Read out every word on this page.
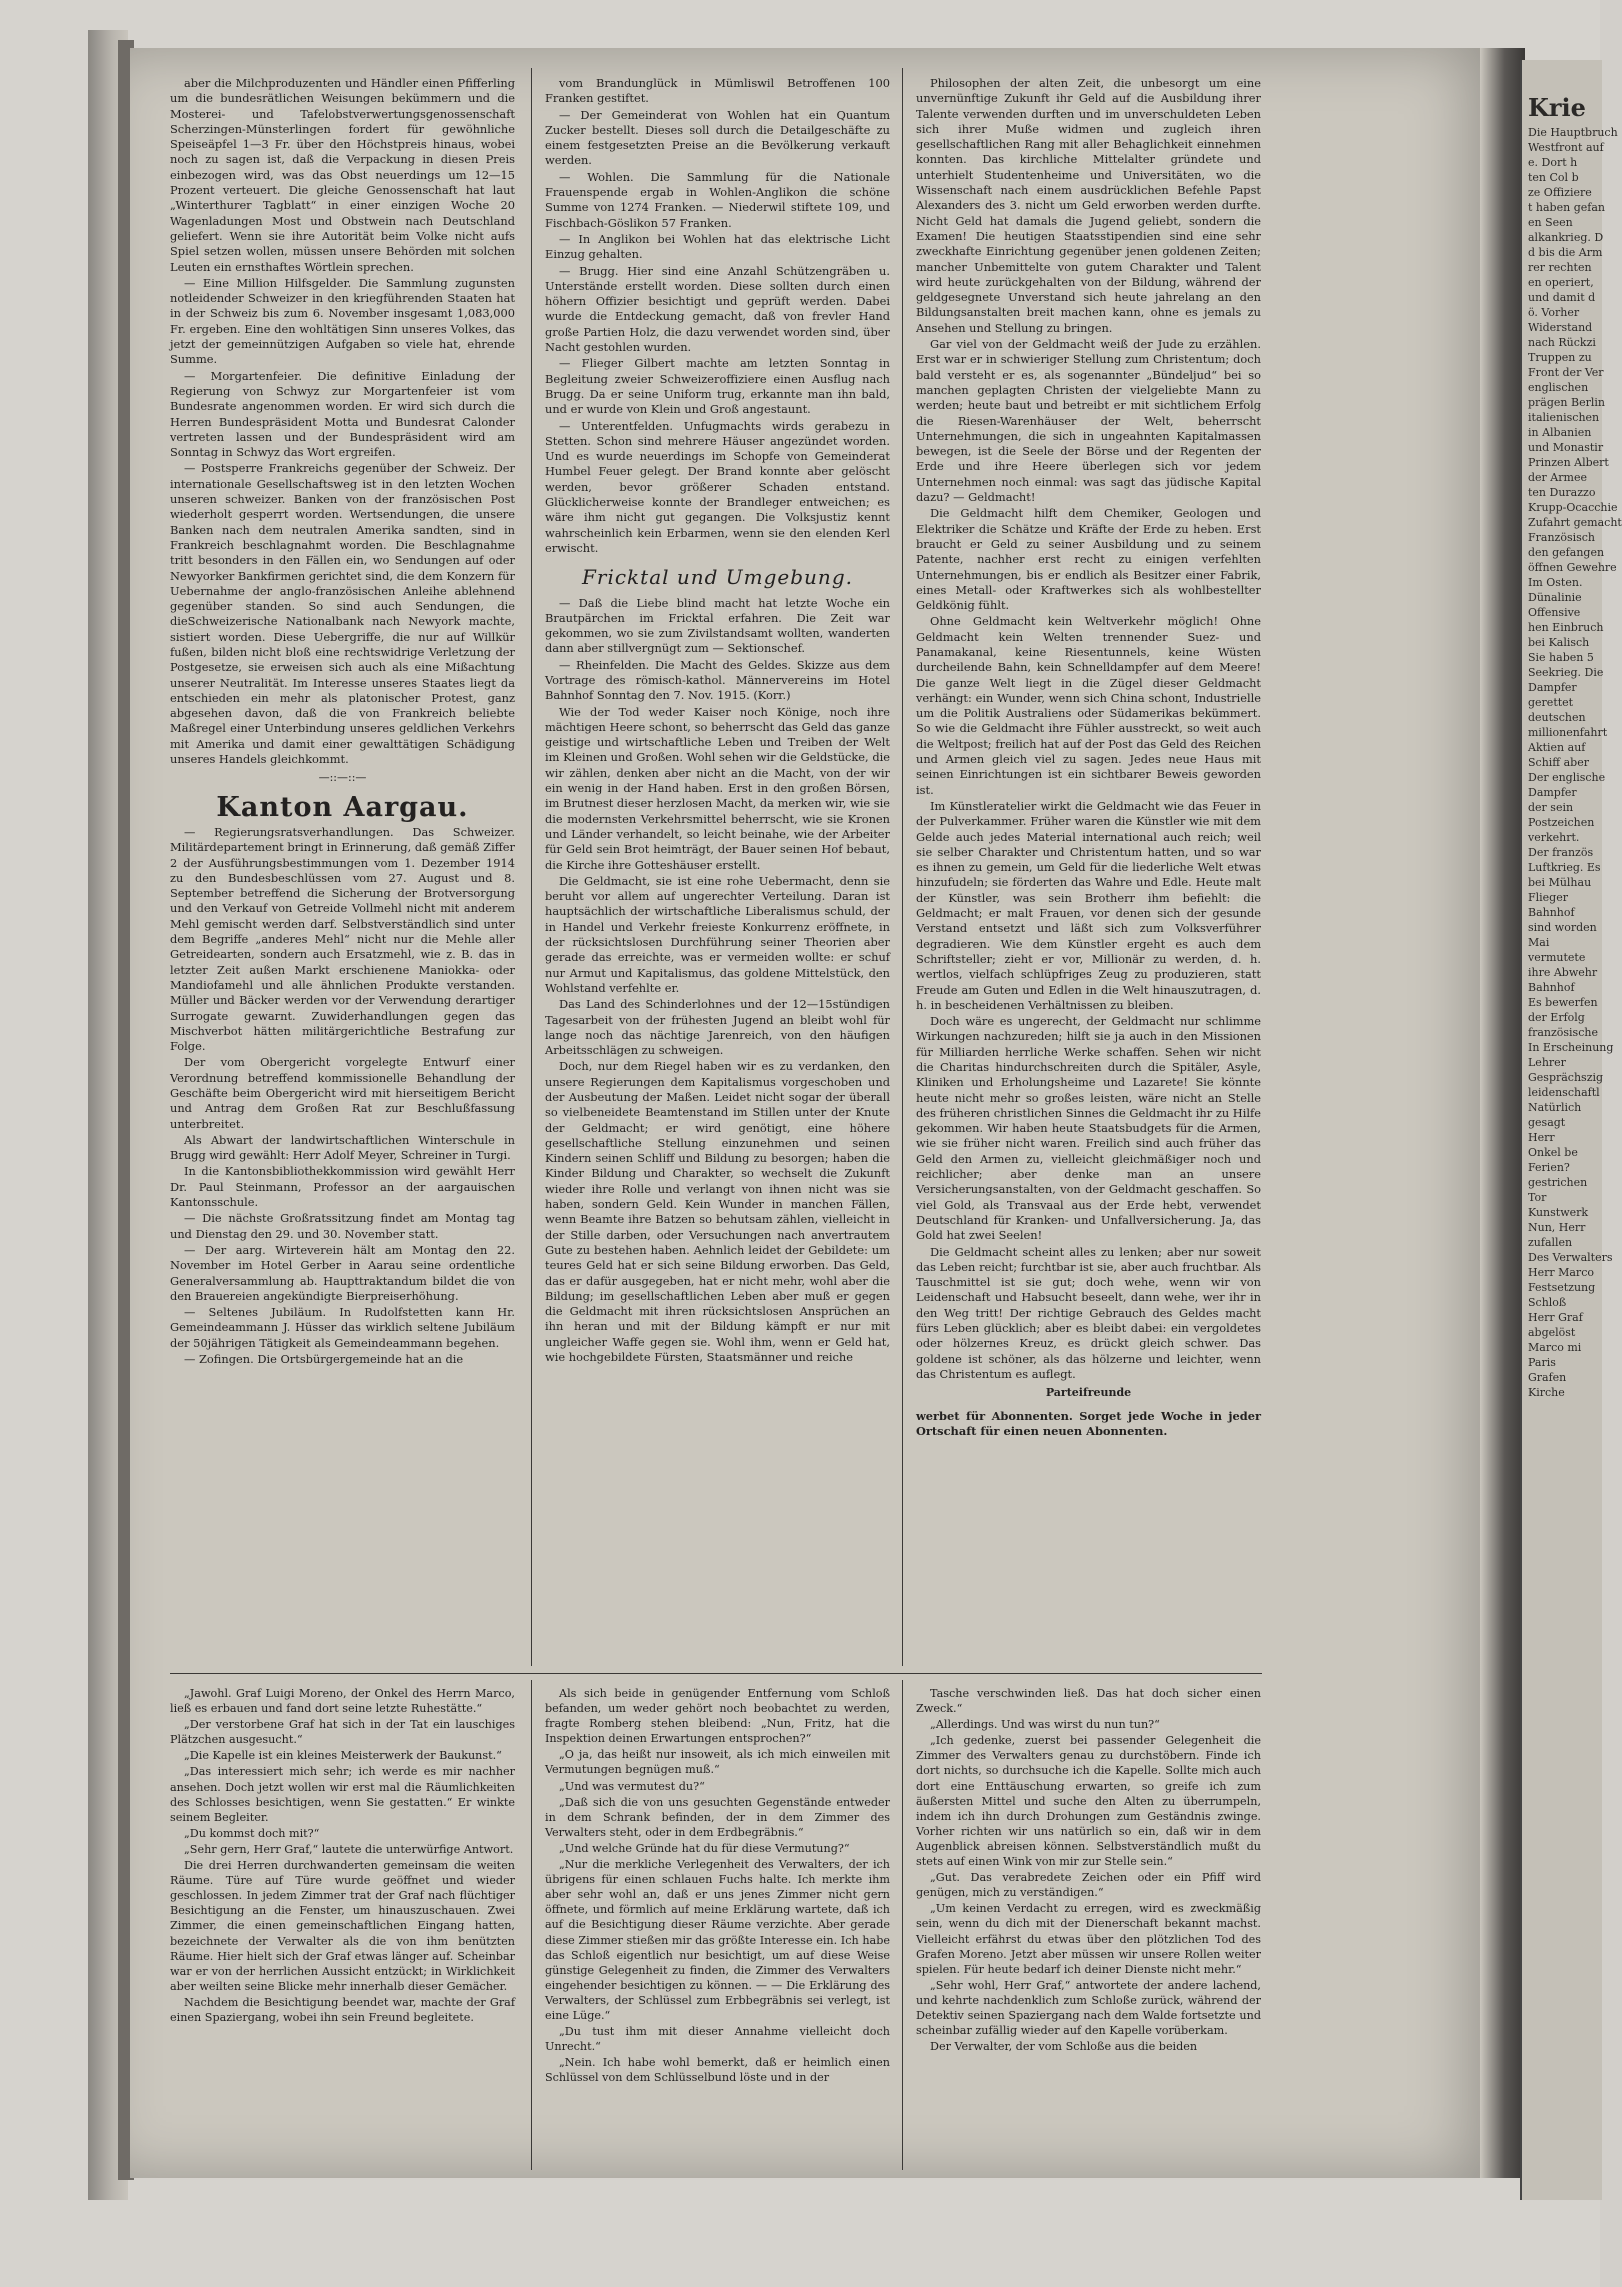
aber die Milchproduzenten und Händler einen Pfifferling um die bundesrätlichen Weisungen bekümmern und die Mosterei- und Tafelobstverwertungsgenossenschaft Scherzingen-Münsterlingen fordert für gewöhnliche Speiseäpfel 1—3 Fr. über den Höchstpreis hinaus, wobei noch zu sagen ist, daß die Verpackung in diesen Preis einbezogen wird, was das Obst neuerdings um 12—15 Prozent verteuert. Die gleiche Genossenschaft hat laut „Winterthurer Tagblatt“ in einer einzigen Woche 20 Wagenladungen Most und Obstwein nach Deutschland geliefert. Wenn sie ihre Autorität beim Volke nicht aufs Spiel setzen wollen, müssen unsere Behörden mit solchen Leuten ein ernsthaftes Wörtlein sprechen.

— Eine Million Hilfsgelder. Die Sammlung zugunsten notleidender Schweizer in den kriegführenden Staaten hat in der Schweiz bis zum 6. November insgesamt 1,083,000 Fr. ergeben. Eine den wohltätigen Sinn unseres Volkes, das jetzt der gemeinnützigen Aufgaben so viele hat, ehrende Summe.

— Morgartenfeier. Die definitive Einladung der Regierung von Schwyz zur Morgartenfeier ist vom Bundesrate angenommen worden. Er wird sich durch die Herren Bundespräsident Motta und Bundesrat Calonder vertreten lassen und der Bundespräsident wird am Sonntag in Schwyz das Wort ergreifen.

— Postsperre Frankreichs gegenüber der Schweiz. Der internationale Gesellschaftsweg ist in den letzten Wochen unseren schweizer. Banken von der französischen Post wiederholt gesperrt worden. Wertsendungen, die unsere Banken nach dem neutralen Amerika sandten, sind in Frankreich beschlagnahmt worden. Die Beschlagnahme tritt besonders in den Fällen ein, wo Sendungen auf oder Newyorker Bankfirmen gerichtet sind, die dem Konzern für Uebernahme der anglo-französischen Anleihe ablehnend gegenüber standen. So sind auch Sendungen, die dieSchweizerische Nationalbank nach Newyork machte, sistiert worden. Diese Uebergriffe, die nur auf Willkür fußen, bilden nicht bloß eine rechtswidrige Verletzung der Postgesetze, sie erweisen sich auch als eine Mißachtung unserer Neutralität. Im Interesse unseres Staates liegt da entschieden ein mehr als platonischer Protest, ganz abgesehen davon, daß die von Frankreich beliebte Maßregel einer Unterbindung unseres geldlichen Verkehrs mit Amerika und damit einer gewalttätigen Schädigung unseres Handels gleichkommt.

—::—::—
Kanton Aargau.

— Regierungsratsverhandlungen. Das Schweizer. Militärdepartement bringt in Erinnerung, daß gemäß Ziffer 2 der Ausführungsbestimmungen vom 1. Dezember 1914 zu den Bundesbeschlüssen vom 27. August und 8. September betreffend die Sicherung der Brotversorgung und den Verkauf von Getreide Vollmehl nicht mit anderem Mehl gemischt werden darf. Selbstverständlich sind unter dem Begriffe „anderes Mehl“ nicht nur die Mehle aller Getreidearten, sondern auch Ersatzmehl, wie z. B. das in letzter Zeit außen Markt erschienene Maniokka- oder Mandiofamehl und alle ähnlichen Produkte verstanden. Müller und Bäcker werden vor der Verwendung derartiger Surrogate gewarnt. Zuwiderhandlungen gegen das Mischverbot hätten militärgerichtliche Bestrafung zur Folge.

Der vom Obergericht vorgelegte Entwurf einer Verordnung betreffend kommissionelle Behandlung der Geschäfte beim Obergericht wird mit hierseitigem Bericht und Antrag dem Großen Rat zur Beschlußfassung unterbreitet.

Als Abwart der landwirtschaftlichen Winterschule in Brugg wird gewählt: Herr Adolf Meyer, Schreiner in Turgi.

In die Kantonsbibliothekkommission wird gewählt Herr Dr. Paul Steinmann, Professor an der aargauischen Kantonsschule.

— Die nächste Großratssitzung findet am Montag tag und Dienstag den 29. und 30. November statt.

— Der aarg. Wirteverein hält am Montag den 22. November im Hotel Gerber in Aarau seine ordentliche Generalversammlung ab. Haupttraktandum bildet die von den Brauereien angekündigte Bierpreiserhöhung.

— Seltenes Jubiläum. In Rudolfstetten kann Hr. Gemeindeammann J. Hüsser das wirklich seltene Jubiläum der 50jährigen Tätigkeit als Gemeindeammann begehen.

— Zofingen. Die Ortsbürgergemeinde hat an die

vom Brandunglück in Mümliswil Betroffenen 100 Franken gestiftet.

— Der Gemeinderat von Wohlen hat ein Quantum Zucker bestellt. Dieses soll durch die Detailgeschäfte zu einem festgesetzten Preise an die Bevölkerung verkauft werden.

— Wohlen. Die Sammlung für die Nationale Frauenspende ergab in Wohlen-Anglikon die schöne Summe von 1274 Franken. — Niederwil stiftete 109, und Fischbach-Göslikon 57 Franken.

— In Anglikon bei Wohlen hat das elektrische Licht Einzug gehalten.

— Brugg. Hier sind eine Anzahl Schützengräben u. Unterstände erstellt worden. Diese sollten durch einen höhern Offizier besichtigt und geprüft werden. Dabei wurde die Entdeckung gemacht, daß von frevler Hand große Partien Holz, die dazu verwendet worden sind, über Nacht gestohlen wurden.

— Flieger Gilbert machte am letzten Sonntag in Begleitung zweier Schweizeroffiziere einen Ausflug nach Brugg. Da er seine Uniform trug, erkannte man ihn bald, und er wurde von Klein und Groß angestaunt.

— Unterentfelden. Unfugmachts wirds gerabezu in Stetten. Schon sind mehrere Häuser angezündet worden. Und es wurde neuerdings im Schopfe von Gemeinderat Humbel Feuer gelegt. Der Brand konnte aber gelöscht werden, bevor größerer Schaden entstand. Glücklicherweise konnte der Brandleger entweichen; es wäre ihm nicht gut gegangen. Die Volksjustiz kennt wahrscheinlich kein Erbarmen, wenn sie den elenden Kerl erwischt.

Fricktal und Umgebung.

— Daß die Liebe blind macht hat letzte Woche ein Brautpärchen im Fricktal erfahren. Die Zeit war gekommen, wo sie zum Zivilstandsamt wollten, wanderten dann aber stillvergnügt zum — Sektionschef.

— Rheinfelden. Die Macht des Geldes. Skizze aus dem Vortrage des römisch-kathol. Männervereins im Hotel Bahnhof Sonntag den 7. Nov. 1915. (Korr.)

Wie der Tod weder Kaiser noch Könige, noch ihre mächtigen Heere schont, so beherrscht das Geld das ganze geistige und wirtschaftliche Leben und Treiben der Welt im Kleinen und Großen. Wohl sehen wir die Geldstücke, die wir zählen, denken aber nicht an die Macht, von der wir ein wenig in der Hand haben. Erst in den großen Börsen, im Brutnest dieser herzlosen Macht, da merken wir, wie sie die modernsten Verkehrsmittel beherrscht, wie sie Kronen und Länder verhandelt, so leicht beinahe, wie der Arbeiter für Geld sein Brot heimträgt, der Bauer seinen Hof bebaut, die Kirche ihre Gotteshäuser erstellt.

Die Geldmacht, sie ist eine rohe Uebermacht, denn sie beruht vor allem auf ungerechter Verteilung. Daran ist hauptsächlich der wirtschaftliche Liberalismus schuld, der in Handel und Verkehr freieste Konkurrenz eröffnete, in der rücksichtslosen Durchführung seiner Theorien aber gerade das erreichte, was er vermeiden wollte: er schuf nur Armut und Kapitalismus, das goldene Mittelstück, den Wohlstand verfehlte er.

Das Land des Schinderlohnes und der 12—15stündigen Tagesarbeit von der frühesten Jugend an bleibt wohl für lange noch das nächtige Jarenreich, von den häufigen Arbeitsschlägen zu schweigen.

Doch, nur dem Riegel haben wir es zu verdanken, den unsere Regierungen dem Kapitalismus vorgeschoben und der Ausbeutung der Maßen. Leidet nicht sogar der überall so vielbeneidete Beamtenstand im Stillen unter der Knute der Geldmacht; er wird genötigt, eine höhere gesellschaftliche Stellung einzunehmen und seinen Kindern seinen Schliff und Bildung zu besorgen; haben die Kinder Bildung und Charakter, so wechselt die Zukunft wieder ihre Rolle und verlangt von ihnen nicht was sie haben, sondern Geld. Kein Wunder in manchen Fällen, wenn Beamte ihre Batzen so behutsam zählen, vielleicht in der Stille darben, oder Versuchungen nach anvertrautem Gute zu bestehen haben. Aehnlich leidet der Gebildete: um teures Geld hat er sich seine Bildung erworben. Das Geld, das er dafür ausgegeben, hat er nicht mehr, wohl aber die Bildung; im gesellschaftlichen Leben aber muß er gegen die Geldmacht mit ihren rücksichtslosen Ansprüchen an ihn heran und mit der Bildung kämpft er nur mit ungleicher Waffe gegen sie. Wohl ihm, wenn er Geld hat, wie hochgebildete Fürsten, Staatsmänner und reiche

Philosophen der alten Zeit, die unbesorgt um eine unvernünftige Zukunft ihr Geld auf die Ausbildung ihrer Talente verwenden durften und im unverschuldeten Leben sich ihrer Muße widmen und zugleich ihren gesellschaftlichen Rang mit aller Behaglichkeit einnehmen konnten. Das kirchliche Mittelalter gründete und unterhielt Studentenheime und Universitäten, wo die Wissenschaft nach einem ausdrücklichen Befehle Papst Alexanders des 3. nicht um Geld erworben werden durfte. Nicht Geld hat damals die Jugend geliebt, sondern die Examen! Die heutigen Staatsstipendien sind eine sehr zweckhafte Einrichtung gegenüber jenen goldenen Zeiten; mancher Unbemittelte von gutem Charakter und Talent wird heute zurückgehalten von der Bildung, während der geldgesegnete Unverstand sich heute jahrelang an den Bildungsanstalten breit machen kann, ohne es jemals zu Ansehen und Stellung zu bringen.

Gar viel von der Geldmacht weiß der Jude zu erzählen. Erst war er in schwieriger Stellung zum Christentum; doch bald versteht er es, als sogenannter „Bündeljud“ bei so manchen geplagten Christen der vielgeliebte Mann zu werden; heute baut und betreibt er mit sichtlichem Erfolg die Riesen-Warenhäuser der Welt, beherrscht Unternehmungen, die sich in ungeahnten Kapitalmassen bewegen, ist die Seele der Börse und der Regenten der Erde und ihre Heere überlegen sich vor jedem Unternehmen noch einmal: was sagt das jüdische Kapital dazu? — Geldmacht!

Die Geldmacht hilft dem Chemiker, Geologen und Elektriker die Schätze und Kräfte der Erde zu heben. Erst braucht er Geld zu seiner Ausbildung und zu seinem Patente, nachher erst recht zu einigen verfehlten Unternehmungen, bis er endlich als Besitzer einer Fabrik, eines Metall- oder Kraftwerkes sich als wohlbestellter Geldkönig fühlt.

Ohne Geldmacht kein Weltverkehr möglich! Ohne Geldmacht kein Welten trennender Suez- und Panamakanal, keine Riesentunnels, keine Wüsten durcheilende Bahn, kein Schnelldampfer auf dem Meere! Die ganze Welt liegt in die Zügel dieser Geldmacht verhängt: ein Wunder, wenn sich China schont, Industrielle um die Politik Australiens oder Südamerikas bekümmert. So wie die Geldmacht ihre Fühler ausstreckt, so weit auch die Weltpost; freilich hat auf der Post das Geld des Reichen und Armen gleich viel zu sagen. Jedes neue Haus mit seinen Einrichtungen ist ein sichtbarer Beweis geworden ist.

Im Künstleratelier wirkt die Geldmacht wie das Feuer in der Pulverkammer. Früher waren die Künstler wie mit dem Gelde auch jedes Material international auch reich; weil sie selber Charakter und Christentum hatten, und so war es ihnen zu gemein, um Geld für die liederliche Welt etwas hinzufudeln; sie förderten das Wahre und Edle. Heute malt der Künstler, was sein Brotherr ihm befiehlt: die Geldmacht; er malt Frauen, vor denen sich der gesunde Verstand entsetzt und läßt sich zum Volksverführer degradieren. Wie dem Künstler ergeht es auch dem Schriftsteller; zieht er vor, Millionär zu werden, d. h. wertlos, vielfach schlüpfriges Zeug zu produzieren, statt Freude am Guten und Edlen in die Welt hinauszutragen, d. h. in bescheidenen Verhältnissen zu bleiben.

Doch wäre es ungerecht, der Geldmacht nur schlimme Wirkungen nachzureden; hilft sie ja auch in den Missionen für Milliarden herrliche Werke schaffen. Sehen wir nicht die Charitas hindurchschreiten durch die Spitäler, Asyle, Kliniken und Erholungsheime und Lazarete! Sie könnte heute nicht mehr so großes leisten, wäre nicht an Stelle des früheren christlichen Sinnes die Geldmacht ihr zu Hilfe gekommen. Wir haben heute Staatsbudgets für die Armen, wie sie früher nicht waren. Freilich sind auch früher das Geld den Armen zu, vielleicht gleichmäßiger noch und reichlicher; aber denke man an unsere Versicherungsanstalten, von der Geldmacht geschaffen. So viel Gold, als Transvaal aus der Erde hebt, verwendet Deutschland für Kranken- und Unfallversicherung. Ja, das Gold hat zwei Seelen!

Die Geldmacht scheint alles zu lenken; aber nur soweit das Leben reicht; furchtbar ist sie, aber auch fruchtbar. Als Tauschmittel ist sie gut; doch wehe, wenn wir von Leidenschaft und Habsucht beseelt, dann wehe, wer ihr in den Weg tritt! Der richtige Gebrauch des Geldes macht fürs Leben glücklich; aber es bleibt dabei: ein vergoldetes oder hölzernes Kreuz, es drückt gleich schwer. Das goldene ist schöner, als das hölzerne und leichter, wenn das Christentum es auflegt.

Parteifreunde
werbet für Abonnenten. Sorget jede Woche in jeder Ortschaft für einen neuen Abonnenten.

„Jawohl. Graf Luigi Moreno, der Onkel des Herrn Marco, ließ es erbauen und fand dort seine letzte Ruhestätte.“

„Der verstorbene Graf hat sich in der Tat ein lauschiges Plätzchen ausgesucht.“

„Die Kapelle ist ein kleines Meisterwerk der Baukunst.“

„Das interessiert mich sehr; ich werde es mir nachher ansehen. Doch jetzt wollen wir erst mal die Räumlichkeiten des Schlosses besichtigen, wenn Sie gestatten.“ Er winkte seinem Begleiter.

„Du kommst doch mit?“

„Sehr gern, Herr Graf,“ lautete die unterwürfige Antwort.

Die drei Herren durchwanderten gemeinsam die weiten Räume. Türe auf Türe wurde geöffnet und wieder geschlossen. In jedem Zimmer trat der Graf nach flüchtiger Besichtigung an die Fenster, um hinauszuschauen. Zwei Zimmer, die einen gemeinschaftlichen Eingang hatten, bezeichnete der Verwalter als die von ihm benützten Räume. Hier hielt sich der Graf etwas länger auf. Scheinbar war er von der herrlichen Aussicht entzückt; in Wirklichkeit aber weilten seine Blicke mehr innerhalb dieser Gemächer.

Nachdem die Besichtigung beendet war, machte der Graf einen Spaziergang, wobei ihn sein Freund begleitete.

Als sich beide in genügender Entfernung vom Schloß befanden, um weder gehört noch beobachtet zu werden, fragte Romberg stehen bleibend: „Nun, Fritz, hat die Inspektion deinen Erwartungen entsprochen?“

„O ja, das heißt nur insoweit, als ich mich einweilen mit Vermutungen begnügen muß.“

„Und was vermutest du?“

„Daß sich die von uns gesuchten Gegenstände entweder in dem Schrank befinden, der in dem Zimmer des Verwalters steht, oder in dem Erdbegräbnis.“

„Und welche Gründe hat du für diese Vermutung?“

„Nur die merkliche Verlegenheit des Verwalters, der ich übrigens für einen schlauen Fuchs halte. Ich merkte ihm aber sehr wohl an, daß er uns jenes Zimmer nicht gern öffnete, und förmlich auf meine Erklärung wartete, daß ich auf die Besichtigung dieser Räume verzichte. Aber gerade diese Zimmer stießen mir das größte Interesse ein. Ich habe das Schloß eigentlich nur besichtigt, um auf diese Weise günstige Gelegenheit zu finden, die Zimmer des Verwalters eingehender besichtigen zu können. — — Die Erklärung des Verwalters, der Schlüssel zum Erbbegräbnis sei verlegt, ist eine Lüge.“

„Du tust ihm mit dieser Annahme vielleicht doch Unrecht.“

„Nein. Ich habe wohl bemerkt, daß er heimlich einen Schlüssel von dem Schlüsselbund löste und in der

Tasche verschwinden ließ. Das hat doch sicher einen Zweck.“

„Allerdings. Und was wirst du nun tun?“

„Ich gedenke, zuerst bei passender Gelegenheit die Zimmer des Verwalters genau zu durchstöbern. Finde ich dort nichts, so durchsuche ich die Kapelle. Sollte mich auch dort eine Enttäuschung erwarten, so greife ich zum äußersten Mittel und suche den Alten zu überrumpeln, indem ich ihn durch Drohungen zum Geständnis zwinge. Vorher richten wir uns natürlich so ein, daß wir in dem Augenblick abreisen können. Selbstverständlich mußt du stets auf einen Wink von mir zur Stelle sein.“

„Gut. Das verabredete Zeichen oder ein Pfiff wird genügen, mich zu verständigen.“

„Um keinen Verdacht zu erregen, wird es zweckmäßig sein, wenn du dich mit der Dienerschaft bekannt machst. Vielleicht erfährst du etwas über den plötzlichen Tod des Grafen Moreno. Jetzt aber müssen wir unsere Rollen weiter spielen. Für heute bedarf ich deiner Dienste nicht mehr.“

„Sehr wohl, Herr Graf,“ antwortete der andere lachend, und kehrte nachdenklich zum Schloße zurück, während der Detektiv seinen Spaziergang nach dem Walde fortsetzte und scheinbar zufällig wieder auf den Kapelle vorüberkam.

Der Verwalter, der vom Schloße aus die beiden

Krie
Die Hauptbruch
Westfront auf
e. Dort h
ten Col b
ze Offiziere
t haben gefan
en Seen
alkankrieg. D
d bis die Arm
rer rechten
en operiert,
und damit d
ö. Vorher
Widerstand
nach Rückzi
Truppen zu
Front der Ver
englischen
prägen Berlin
italienischen
in Albanien
und Monastir
Prinzen Albert
der Armee
ten Durazzo
Krupp-Ocacchie
Zufahrt gemacht
Französisch
den gefangen
öffnen Gewehre
Im Osten.
Dünalinie
Offensive
hen Einbruch
bei Kalisch
Sie haben 5
Seekrieg. Die
Dampfer
gerettet
deutschen
millionenfahrt
Aktien auf
Schiff aber
Der englische
Dampfer
der sein
Postzeichen
verkehrt.
Der französ
Luftkrieg. Es
bei Mülhau
Flieger
Bahnhof
sind worden
Mai
vermutete
ihre Abwehr
Bahnhof
Es bewerfen
der Erfolg
französische
In Erscheinung
Lehrer
Gesprächszig
leidenschaftl
Natürlich
gesagt
Herr
Onkel be
Ferien?
gestrichen
Tor
Kunstwerk
Nun, Herr
zufallen
Des Verwalters
Herr Marco
Festsetzung
Schloß
Herr Graf
abgelöst
Marco mi
Paris
Grafen
Kirche
